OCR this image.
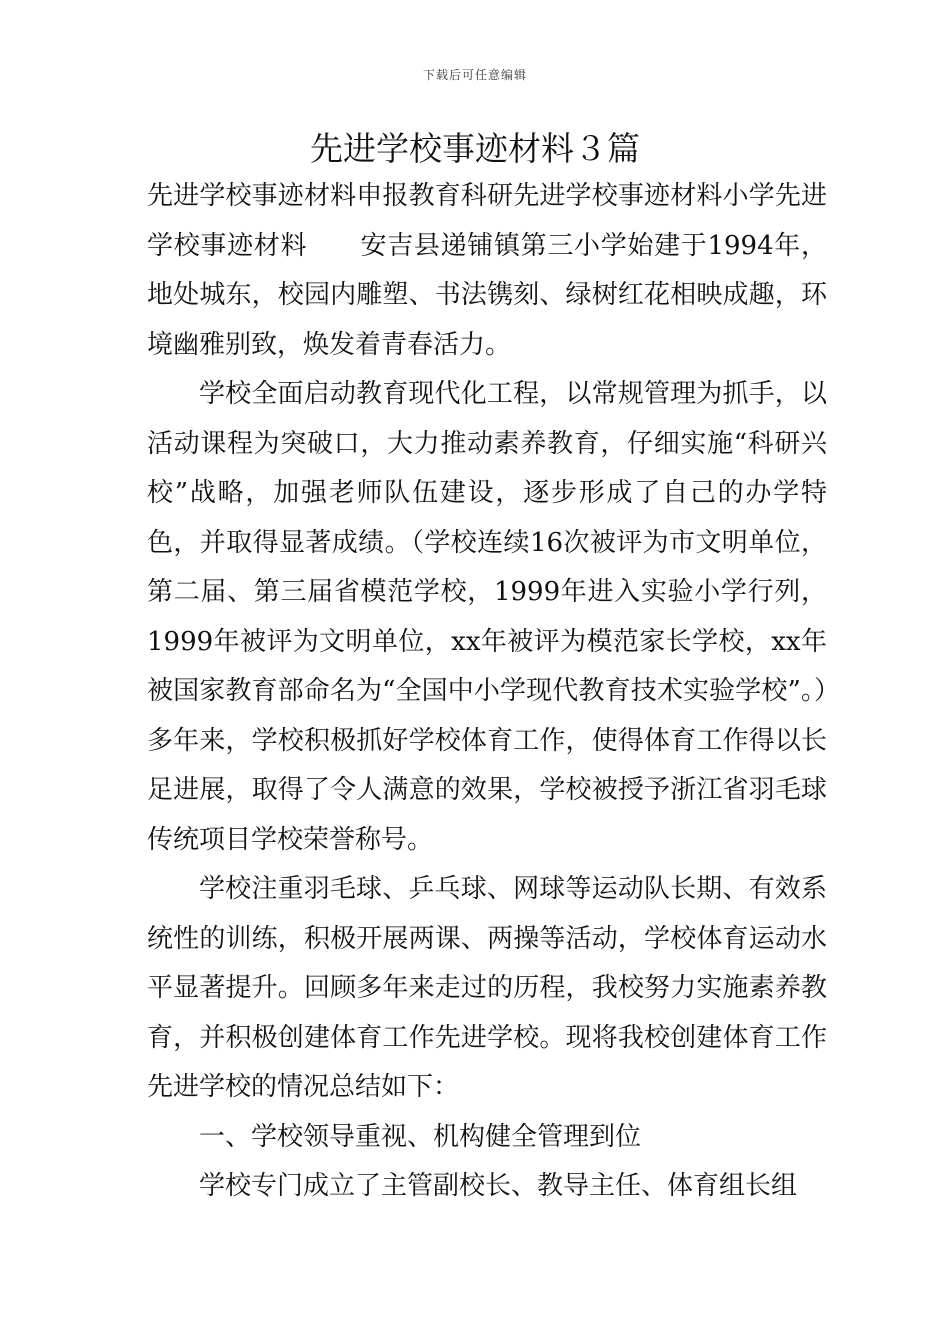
下载后可任意编辑
先进学校事迹材料３篇

先进学校事迹材料申报教育科研先进学校事迹材料小学先进学校事迹材料　　安吉县递铺镇第三小学始建于1994年，地处城东，校园内雕塑、书法镌刻、绿树红花相映成趣，环境幽雅别致，焕发着青春活力。

学校全面启动教育现代化工程，以常规管理为抓手，以活动课程为突破口，大力推动素养教育，仔细实施“科研兴校”战略，加强老师队伍建设，逐步形成了自己的办学特色，并取得显著成绩。（学校连续16次被评为市文明单位，第二届、第三届省模范学校，1999年进入实验小学行列，1999年被评为文明单位，xx年被评为模范家长学校，xx年被国家教育部命名为“全国中小学现代教育技术实验学校”。）　多年来，学校积极抓好学校体育工作，使得体育工作得以长足进展，取得了令人满意的效果，学校被授予浙江省羽毛球传统项目学校荣誉称号。

学校注重羽毛球、乒乓球、网球等运动队长期、有效系统性的训练，积极开展两课、两操等活动，学校体育运动水平显著提升。回顾多年来走过的历程，我校努力实施素养教育，并积极创建体育工作先进学校。现将我校创建体育工作先进学校的情况总结如下：

一、学校领导重视、机构健全管理到位

学校专门成立了主管副校长、教导主任、体育组长组
